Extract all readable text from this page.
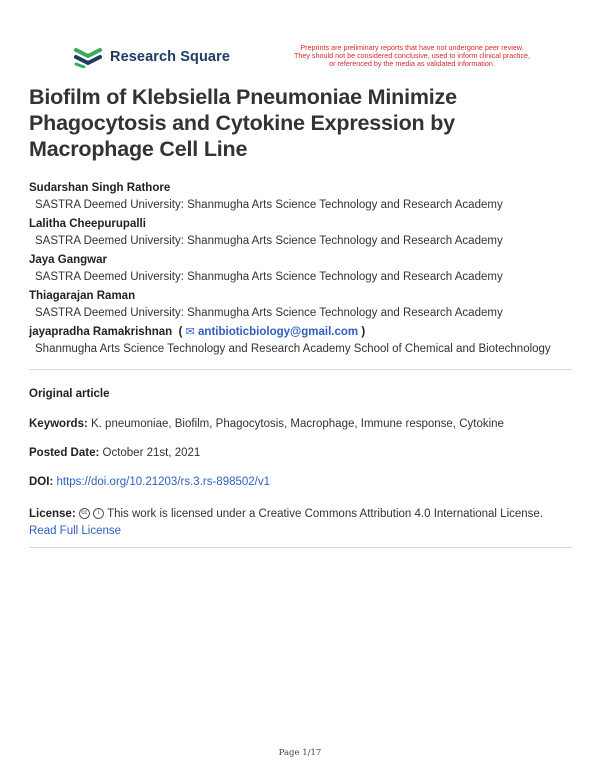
Research Square
Preprints are preliminary reports that have not undergone peer review.
They should not be considered conclusive, used to inform clinical practice,
or referenced by the media as validated information.
Biofilm of Klebsiella Pneumoniae Minimize Phagocytosis and Cytokine Expression by Macrophage Cell Line
Sudarshan Singh Rathore
SASTRA Deemed University: Shanmugha Arts Science Technology and Research Academy
Lalitha Cheepurupalli
SASTRA Deemed University: Shanmugha Arts Science Technology and Research Academy
Jaya Gangwar
SASTRA Deemed University: Shanmugha Arts Science Technology and Research Academy
Thiagarajan Raman
SASTRA Deemed University: Shanmugha Arts Science Technology and Research Academy
jayapradha Ramakrishnan  ( ✉ antibioticbiology@gmail.com )
Shanmugha Arts Science Technology and Research Academy School of Chemical and Biotechnology
Original article
Keywords: K. pneumoniae, Biofilm, Phagocytosis, Macrophage, Immune response, Cytokine
Posted Date: October 21st, 2021
DOI: https://doi.org/10.21203/rs.3.rs-898502/v1
License: cc i This work is licensed under a Creative Commons Attribution 4.0 International License.
Read Full License
Page 1/17
